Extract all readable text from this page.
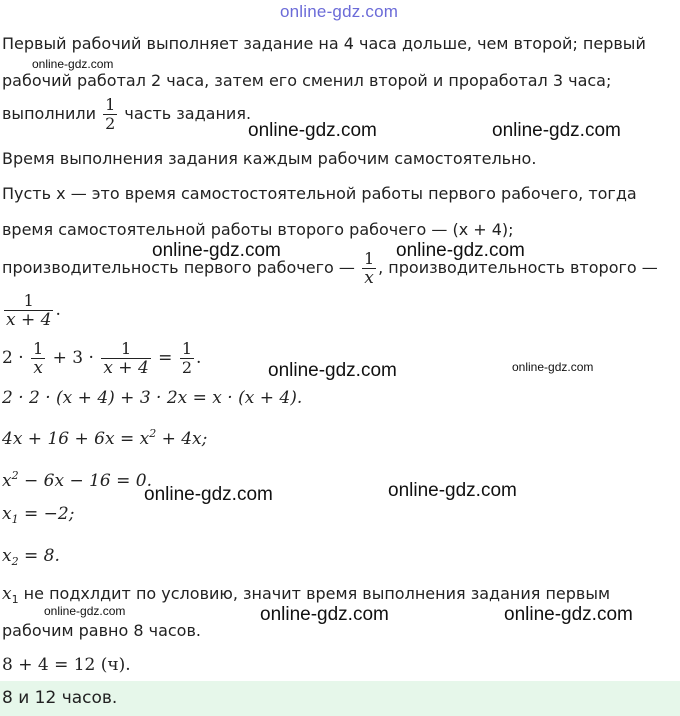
online-gdz.com
online-gdz.com
online-gdz.com	online-gdz.com
online-gdz.com	online-gdz.com
online-gdz.com	online-gdz.com
online-gdz.com	online-gdz.com
online-gdz.com	online-gdz.com	online-gdz.com
Первый рабочий выполняет задание на 4 часа дольше, чем второй; первый
рабочий работал 2 часа, затем его сменил второй и проработал 3 часа;
выполнили $\frac{1}{2}$ часть задания.
Время выполнения задания каждым рабочим самостоятельно.
Пусть x — это время самостостоятельной работы первого рабочего, тогда
время самостоятельной работы второго рабочего — (x + 4);
производительность первого рабочего — $\frac{1}{x}$ , производительность второго —
$\frac{1}{x + 4}$ .
$2 \cdot \frac{1}{x} + 3 \cdot \frac{1}{x + 4} = \frac{1}{2}$ .
2 · 2 · (x + 4) + 3 · 2x = x · (x + 4).
$4x + 16 + 6x = x^2 + 4x$;
$x^2 - 6x - 16 = 0$.
$x_1 = -2$;
$x_2 = 8$.
$x_1$ не подхлдит по условию, значит время выполнения задания первым
рабочим равно 8 часов.
8 + 4 = 12 (ч).
8 и 12 часов.
